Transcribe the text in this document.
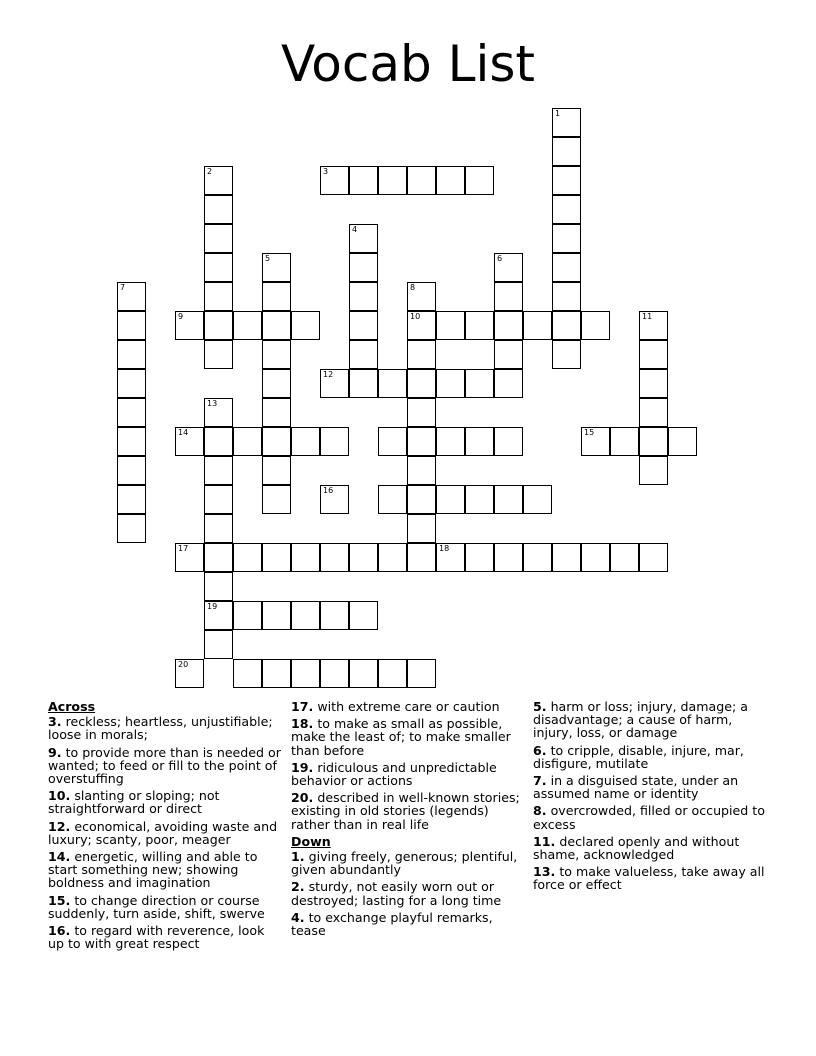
Vocab List
1
2	3
4
5	6
7	8
10
9	11
12
13
19
14	15
16
17	18
20
Across
3. reckless; heartless, unjustifiable; loose in morals;
9. to provide more than is needed or wanted; to feed or fill to the point of overstuffing
10. slanting or sloping; not straightforward or direct
12. economical, avoiding waste and luxury; scanty, poor, meager
14. energetic, willing and able to start something new; showing boldness and imagination
15. to change direction or course suddenly, turn aside, shift, swerve
16. to regard with reverence, look up to with great respect
17. with extreme care or caution
18. to make as small as possible, make the least of; to make smaller than before
19. ridiculous and unpredictable behavior or actions
20. described in well-known stories; existing in old stories (legends) rather than in real life
Down
1. giving freely, generous; plentiful, given abundantly
2. sturdy, not easily worn out or destroyed; lasting for a long time
4. to exchange playful remarks, tease
5. harm or loss; injury, damage; a disadvantage; a cause of harm, injury, loss, or damage
6. to cripple, disable, injure, mar, disfigure, mutilate
7. in a disguised state, under an assumed name or identity
8. overcrowded, filled or occupied to excess
11. declared openly and without shame, acknowledged
13. to make valueless, take away all force or effect
